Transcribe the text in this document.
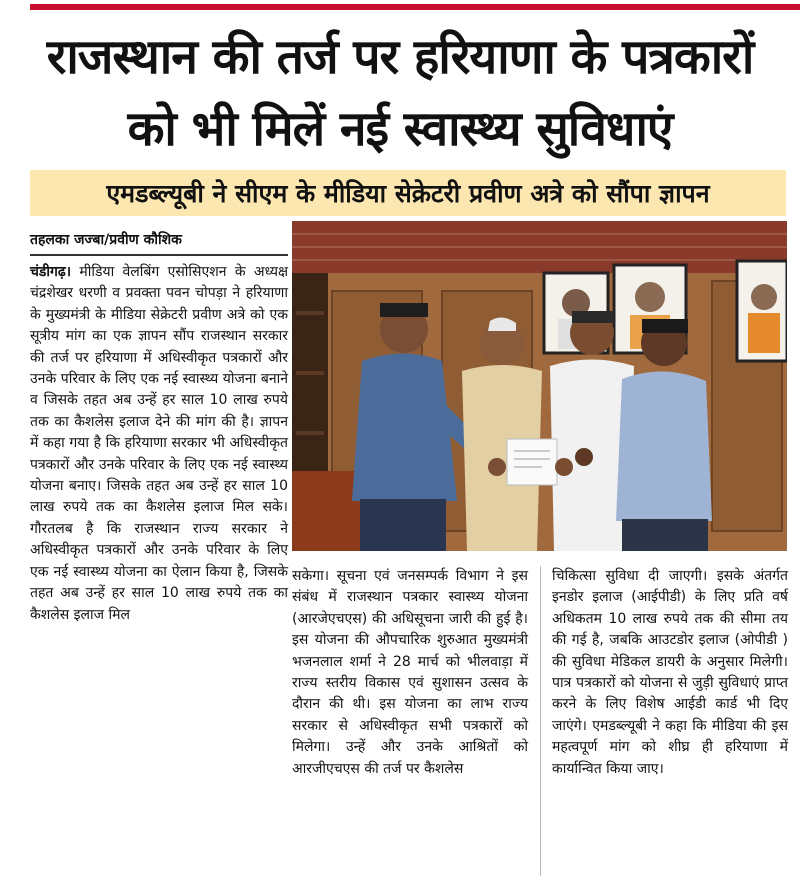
राजस्थान की तर्ज पर हरियाणा के पत्रकारों
को भी मिलें नई स्वास्थ्य सुविधाएं
एमडब्ल्यूबी ने सीएम के मीडिया सेक्रेटरी प्रवीण अत्रे को सौंपा ज्ञापन
तहलका जज्बा/प्रवीण कौशिक

चंडीगढ़। मीडिया वेलबिंग एसोसिएशन के अध्यक्ष चंद्रशेखर धरणी व प्रवक्ता पवन चोपड़ा ने हरियाणा के मुख्यमंत्री के मीडिया सेक्रेटरी प्रवीण अत्रे को एक सूत्रीय मांग का एक ज्ञापन सौंप राजस्थान सरकार की तर्ज पर हरियाणा में अधिस्वीकृत पत्रकारों और उनके परिवार के लिए एक नई स्वास्थ्य योजना बनाने व जिसके तहत अब उन्हें हर साल 10 लाख रुपये तक का कैशलेस इलाज देने की मांग की है। ज्ञापन में कहा गया है कि हरियाणा सरकार भी अधिस्वीकृत पत्रकारों और उनके परिवार के लिए एक नई स्वास्थ्य योजना बनाए। जिसके तहत अब उन्हें हर साल 10 लाख रुपये तक का कैशलेस इलाज मिल सके। गौरतलब है कि राजस्थान राज्य सरकार ने अधिस्वीकृत पत्रकारों और उनके परिवार के लिए एक नई स्वास्थ्य योजना का ऐलान किया है, जिसके तहत अब उन्हें हर साल 10 लाख रुपये तक का कैशलेस इलाज मिल

सकेगा। सूचना एवं जनसम्पर्क विभाग ने इस संबंध में राजस्थान पत्रकार स्वास्थ्य योजना (आरजेएचएस) की अधिसूचना जारी की हुई है। इस योजना की औपचारिक शुरुआत मुख्यमंत्री भजनलाल शर्मा ने 28 मार्च को भीलवाड़ा में राज्य स्तरीय विकास एवं सुशासन उत्सव के दौरान की थी। इस योजना का लाभ राज्य सरकार से अधिस्वीकृत सभी पत्रकारों को मिलेगा। उन्हें और उनके आश्रितों को आरजीएचएस की तर्ज पर कैशलेस

चिकित्सा सुविधा दी जाएगी। इसके अंतर्गत इनडोर इलाज (आईपीडी) के लिए प्रति वर्ष अधिकतम 10 लाख रुपये तक की सीमा तय की गई है, जबकि आउटडोर इलाज (ओपीडी ) की सुविधा मेडिकल डायरी के अनुसार मिलेगी। पात्र पत्रकारों को योजना से जुड़ी सुविधाएं प्राप्त करने के लिए विशेष आईडी कार्ड भी दिए जाएंगे। एमडब्ल्यूबी ने कहा कि मीडिया की इस महत्वपूर्ण मांग को शीघ्र ही हरियाणा में कार्यान्वित किया जाए।
